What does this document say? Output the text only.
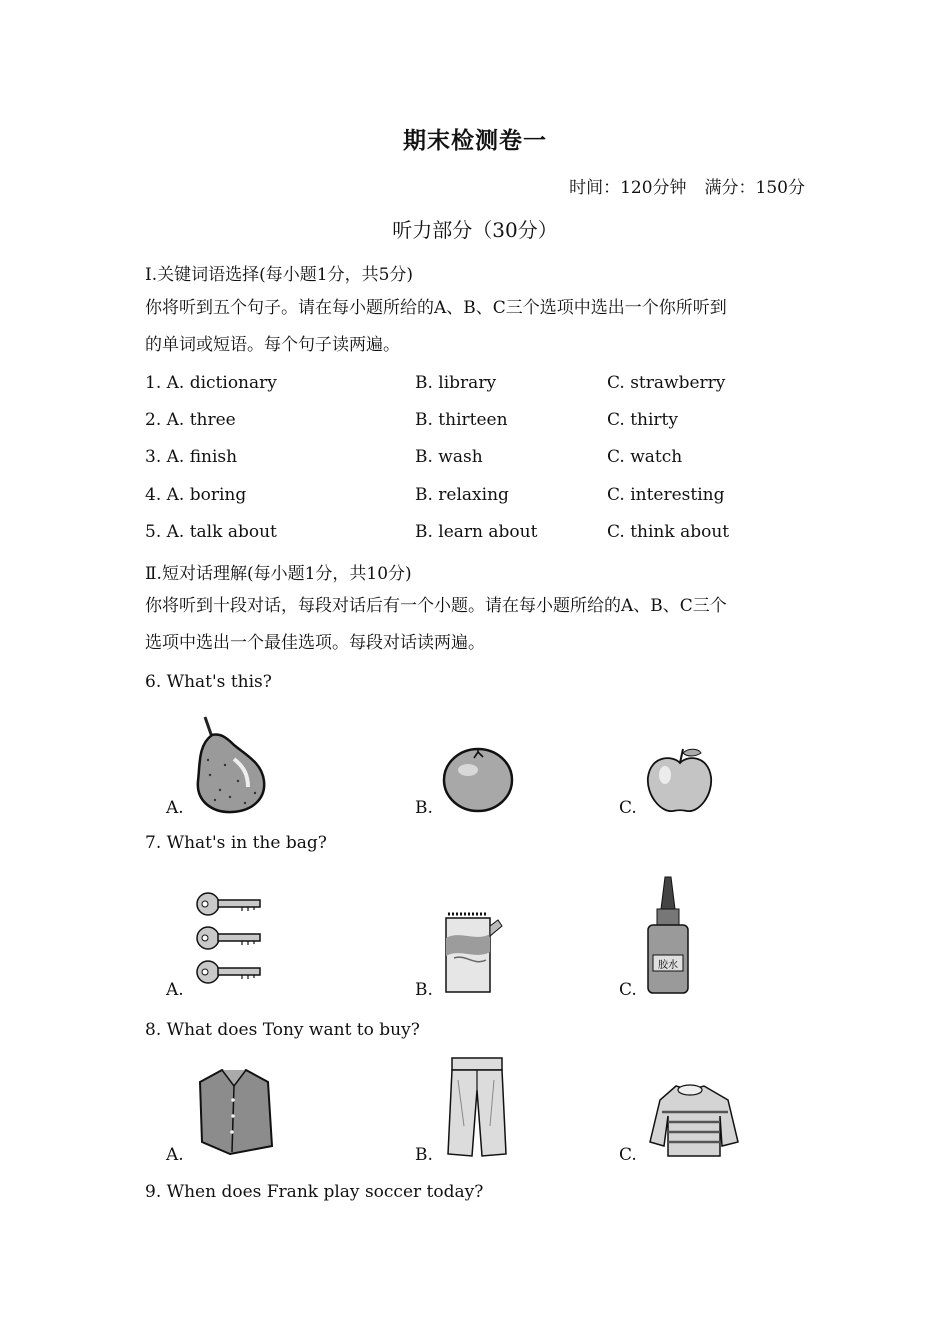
期末检测卷一
时间：120分钟 满分：150分
听力部分（30分）
Ⅰ.关键词语选择(每小题1分，共5分)
你将听到五个句子。请在每小题所给的A、B、C三个选项中选出一个你所听到
的单词或短语。每个句子读两遍。
1. A. dictionary	B. library	C. strawberry
2. A. three	B. thirteen	C. thirty
3. A. finish	B. wash	C. watch
4. A. boring	B. relaxing	C. interesting
5. A. talk about	B. learn about	C. think about
Ⅱ.短对话理解(每小题1分，共10分)
你将听到十段对话，每段对话后有一个小题。请在每小题所给的A、B、C三个
选项中选出一个最佳选项。每段对话读两遍。
6. What's this?
A.	B.	C.
7. What's in the bag?
A.	B.	C.
胶水
8. What does Tony want to buy?
A.	B.	C.
9. When does Frank play soccer today?
